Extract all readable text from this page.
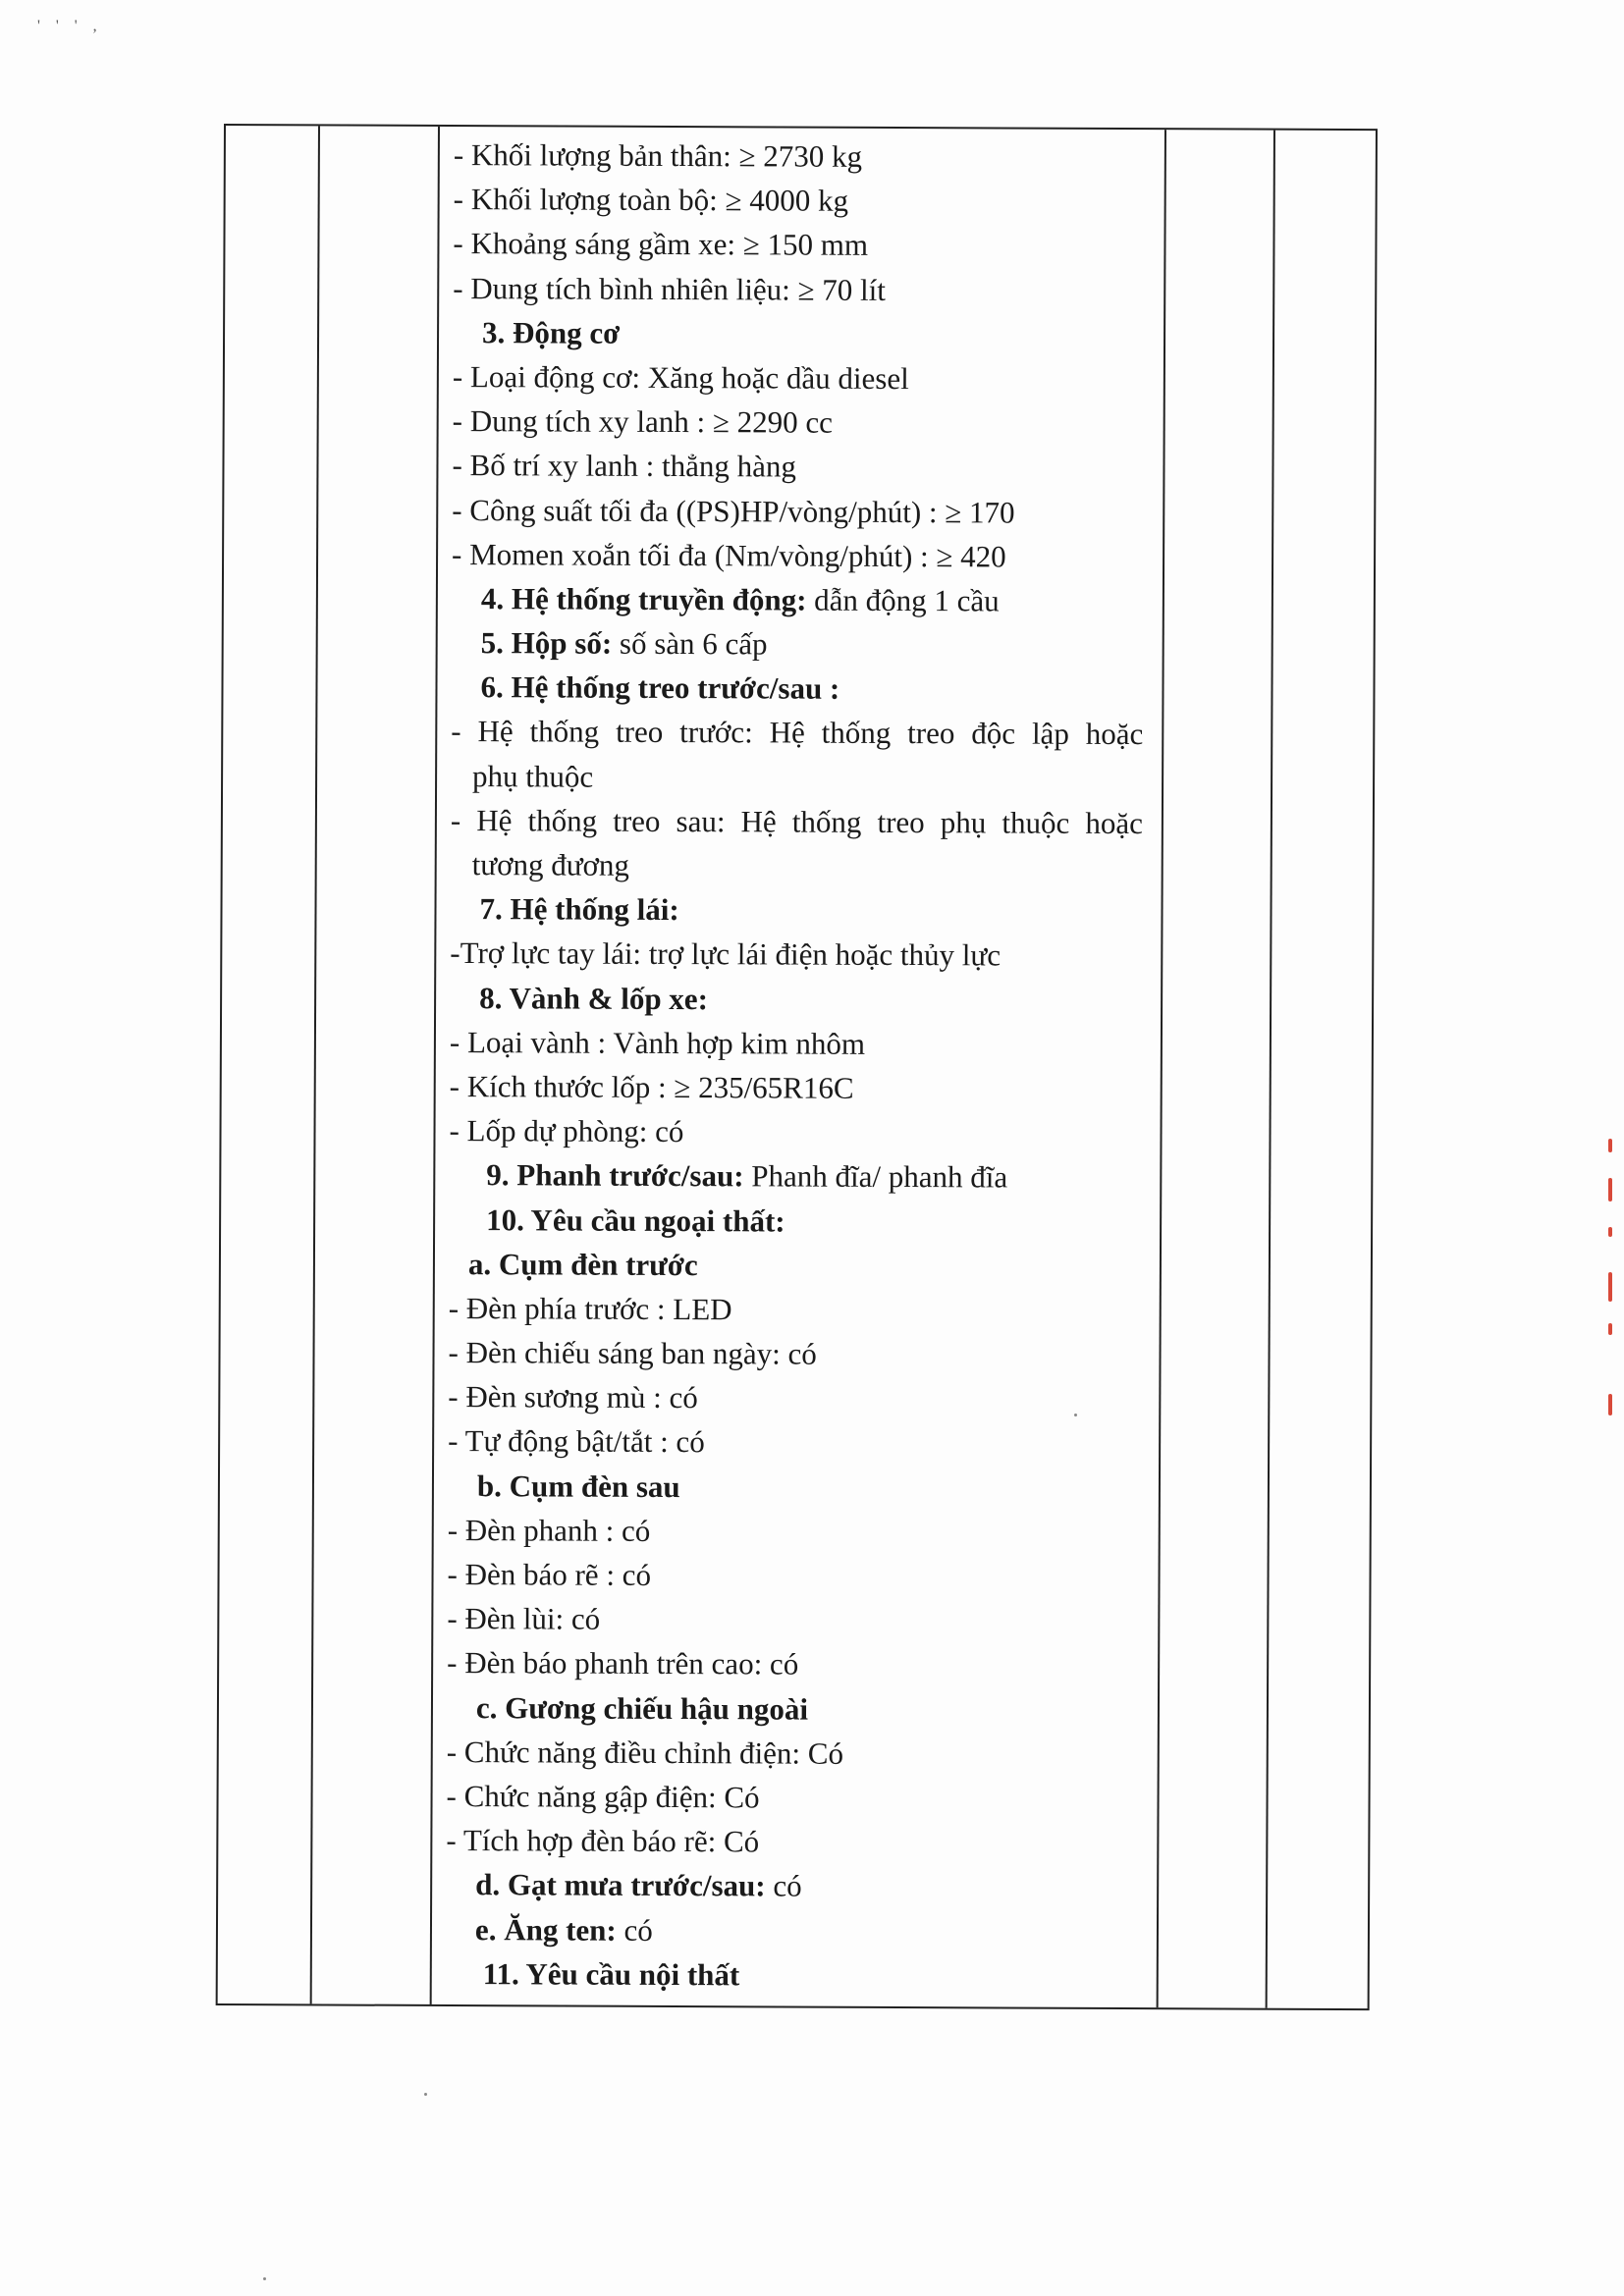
' ' ' ,
- Khối lượng bản thân: ≥ 2730 kg
- Khối lượng toàn bộ: ≥ 4000 kg
- Khoảng sáng gầm xe: ≥ 150 mm
- Dung tích bình nhiên liệu: ≥ 70 lít
3. Động cơ
- Loại động cơ: Xăng hoặc dầu diesel
- Dung tích xy lanh : ≥ 2290 cc
- Bố trí xy lanh : thẳng hàng
- Công suất tối đa ((PS)HP/vòng/phút) : ≥ 170
- Momen xoắn tối đa (Nm/vòng/phút) : ≥ 420
4. Hệ thống truyền động: dẫn động 1 cầu
5. Hộp số: số sàn 6 cấp
6. Hệ thống treo trước/sau :
- Hệ thống treo trước: Hệ thống treo độc lập hoặc
phụ thuộc
- Hệ thống treo sau: Hệ thống treo phụ thuộc hoặc
tương đương
7. Hệ thống lái:
-Trợ lực tay lái: trợ lực lái điện hoặc thủy lực
8. Vành & lốp xe:
- Loại vành : Vành hợp kim nhôm
- Kích thước lốp : ≥ 235/65R16C
- Lốp dự phòng: có
9. Phanh trước/sau: Phanh đĩa/ phanh đĩa
10. Yêu cầu ngoại thất:
a. Cụm đèn trước
- Đèn phía trước : LED
- Đèn chiếu sáng ban ngày: có
- Đèn sương mù : có
- Tự động bật/tắt : có
b. Cụm đèn sau
- Đèn phanh : có
- Đèn báo rẽ : có
- Đèn lùi: có
- Đèn báo phanh trên cao: có
c. Gương chiếu hậu ngoài
- Chức năng điều chỉnh điện: Có
- Chức năng gập điện: Có
- Tích hợp đèn báo rẽ: Có
d. Gạt mưa trước/sau: có
e. Ăng ten: có
11. Yêu cầu nội thất
